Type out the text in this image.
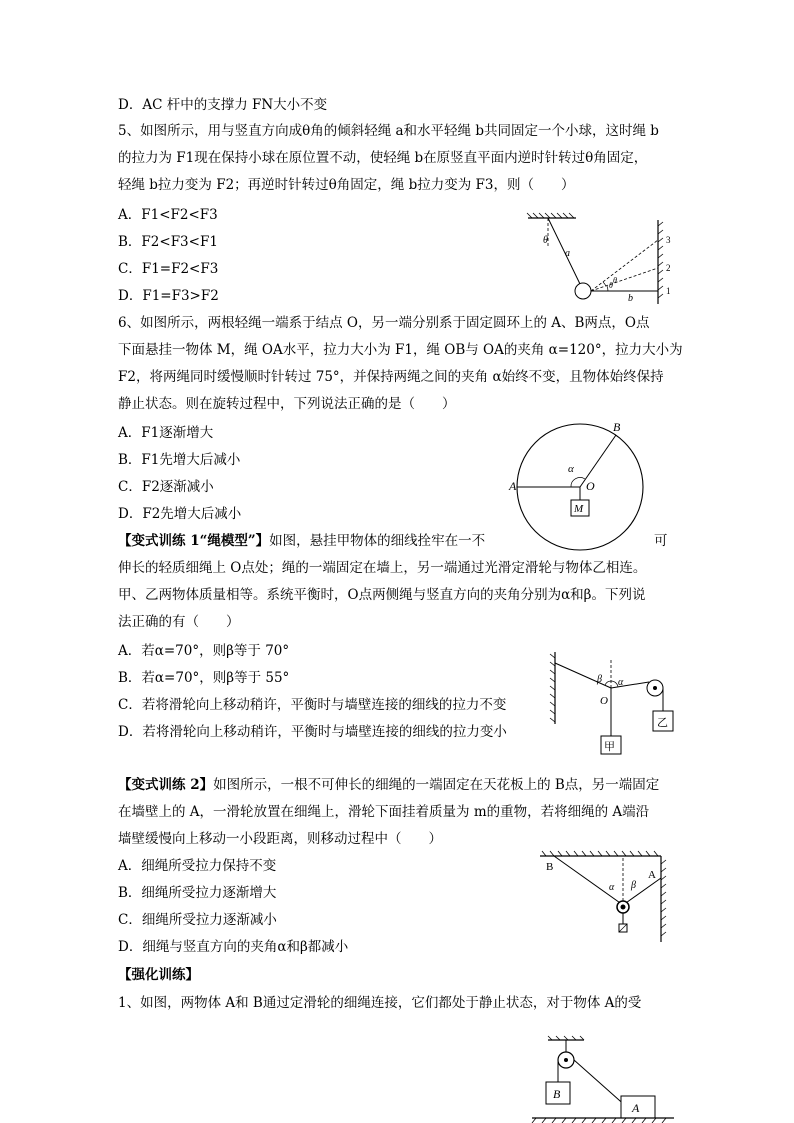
D．AC 杆中的支撑力 FN大小不变
5、如图所示，用与竖直方向成θ角的倾斜轻绳 a和水平轻绳 b共同固定一个小球，这时绳 b
的拉力为 F1现在保持小球在原位置不动，使轻绳 b在原竖直平面内逆时针转过θ角固定，
轻绳 b拉力变为 F2；再逆时针转过θ角固定，绳 b拉力变为 F3，则（　　）
A．F1<F2<F3
B．F2<F3<F1
C．F1=F2<F3
D．F1=F3>F2
θ
a
b
θ
θ
1
2
3
6、如图所示，两根轻绳一端系于结点 O，另一端分别系于固定圆环上的 A、B两点，O点
下面悬挂一物体 M，绳 OA水平，拉力大小为 F1，绳 OB与 OA的夹角 α=120°，拉力大小为
F2，将两绳同时缓慢顺时针转过 75°，并保持两绳之间的夹角 α始终不变，且物体始终保持
静止状态。则在旋转过程中，下列说法正确的是（　　）
A．F1逐渐增大
B．F1先增大后减小
C．F2逐渐减小
D．F2先增大后减小
A
B
O
α
M
【变式训练 1“绳模型”】如图，悬挂甲物体的细线拴牢在一不	可
伸长的轻质细绳上 O点处；绳的一端固定在墙上，另一端通过光滑定滑轮与物体乙相连。
甲、乙两物体质量相等。系统平衡时，O点两侧绳与竖直方向的夹角分别为α和β。下列说
法正确的有（　　）
A．若α=70°，则β等于 70°
B．若α=70°，则β等于 55°
C．若将滑轮向上移动稍许，平衡时与墙壁连接的细线的拉力不变
D．若将滑轮向上移动稍许，平衡时与墙壁连接的细线的拉力变小
β α
O
甲
乙
【变式训练 2】如图所示，一根不可伸长的细绳的一端固定在天花板上的 B点，另一端固定
在墙壁上的 A，一滑轮放置在细绳上，滑轮下面挂着质量为 m的重物，若将细绳的 A端沿
墙壁缓慢向上移动一小段距离，则移动过程中（　　）
A．细绳所受拉力保持不变
B．细绳所受拉力逐渐增大
C．细绳所受拉力逐渐减小
D．细绳与竖直方向的夹角α和β都减小
B
A
α β
【强化训练】
1、如图，两物体 A和 B通过定滑轮的细绳连接，它们都处于静止状态，对于物体 A的受
B
A
